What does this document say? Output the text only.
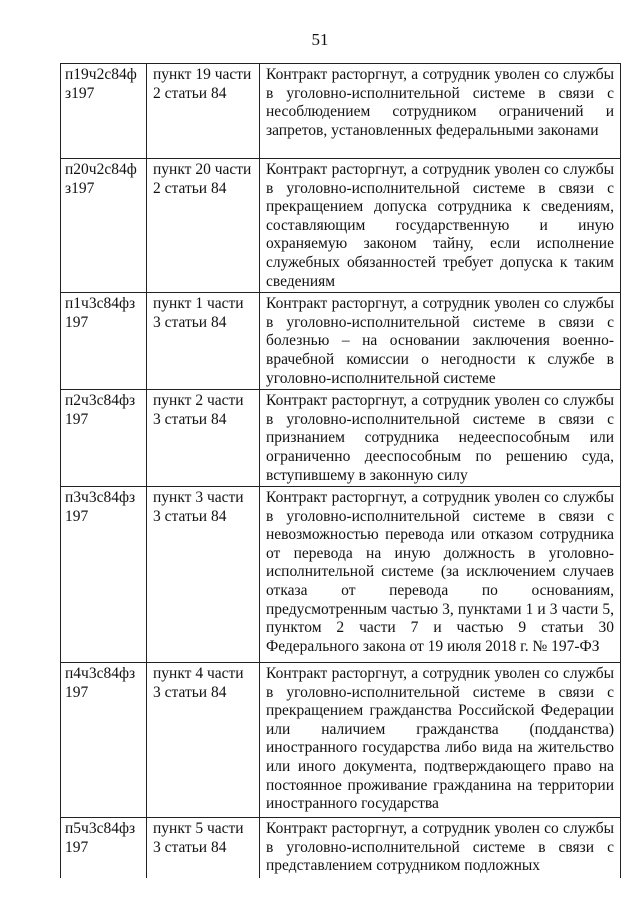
51
п19ч2с84ф з197	пункт 19 части 2 статьи 84	Контракт расторгнут, а сотрудник уволен со службы в уголовно-исполнительной системе в связи с несоблюдением сотрудником ограничений и запретов, установленных федеральными законами
п20ч2с84ф з197	пункт 20 части 2 статьи 84	Контракт расторгнут, а сотрудник уволен со службы в уголовно-исполнительной системе в связи с прекращением допуска сотрудника к сведениям, составляющим государственную и иную охраняемую законом тайну, если исполнение служебных обязанностей требует допуска к таким сведениям
п1ч3с84фз 197	пункт 1 части 3 статьи 84	Контракт расторгнут, а сотрудник уволен со службы в уголовно-исполнительной системе в связи с болезнью – на основании заключения военно-врачебной комиссии о негодности к службе в уголовно-исполнительной системе
п2ч3с84фз 197	пункт 2 части 3 статьи 84	Контракт расторгнут, а сотрудник уволен со службы в уголовно-исполнительной системе в связи с признанием сотрудника недееспособным или ограниченно дееспособным по решению суда, вступившему в законную силу
п3ч3с84фз 197	пункт 3 части 3 статьи 84	Контракт расторгнут, а сотрудник уволен со службы в уголовно-исполнительной системе в связи с невозможностью перевода или отказом сотрудника от перевода на иную должность в уголовно-исполнительной системе (за исключением случаев отказа от перевода по основаниям, предусмотренным частью 3, пунктами 1 и 3 части 5, пунктом 2 части 7 и частью 9 статьи 30 Федерального закона от 19 июля 2018 г. № 197-ФЗ
п4ч3с84фз 197	пункт 4 части 3 статьи 84	Контракт расторгнут, а сотрудник уволен со службы в уголовно-исполнительной системе в связи с прекращением гражданства Российской Федерации или наличием гражданства (подданства) иностранного государства либо вида на жительство или иного документа, подтверждающего право на постоянное проживание гражданина на территории иностранного государства
п5ч3с84фз 197	пункт 5 части 3 статьи 84	Контракт расторгнут, а сотрудник уволен со службы в уголовно-исполнительной системе в связи с представлением сотрудником подложных
